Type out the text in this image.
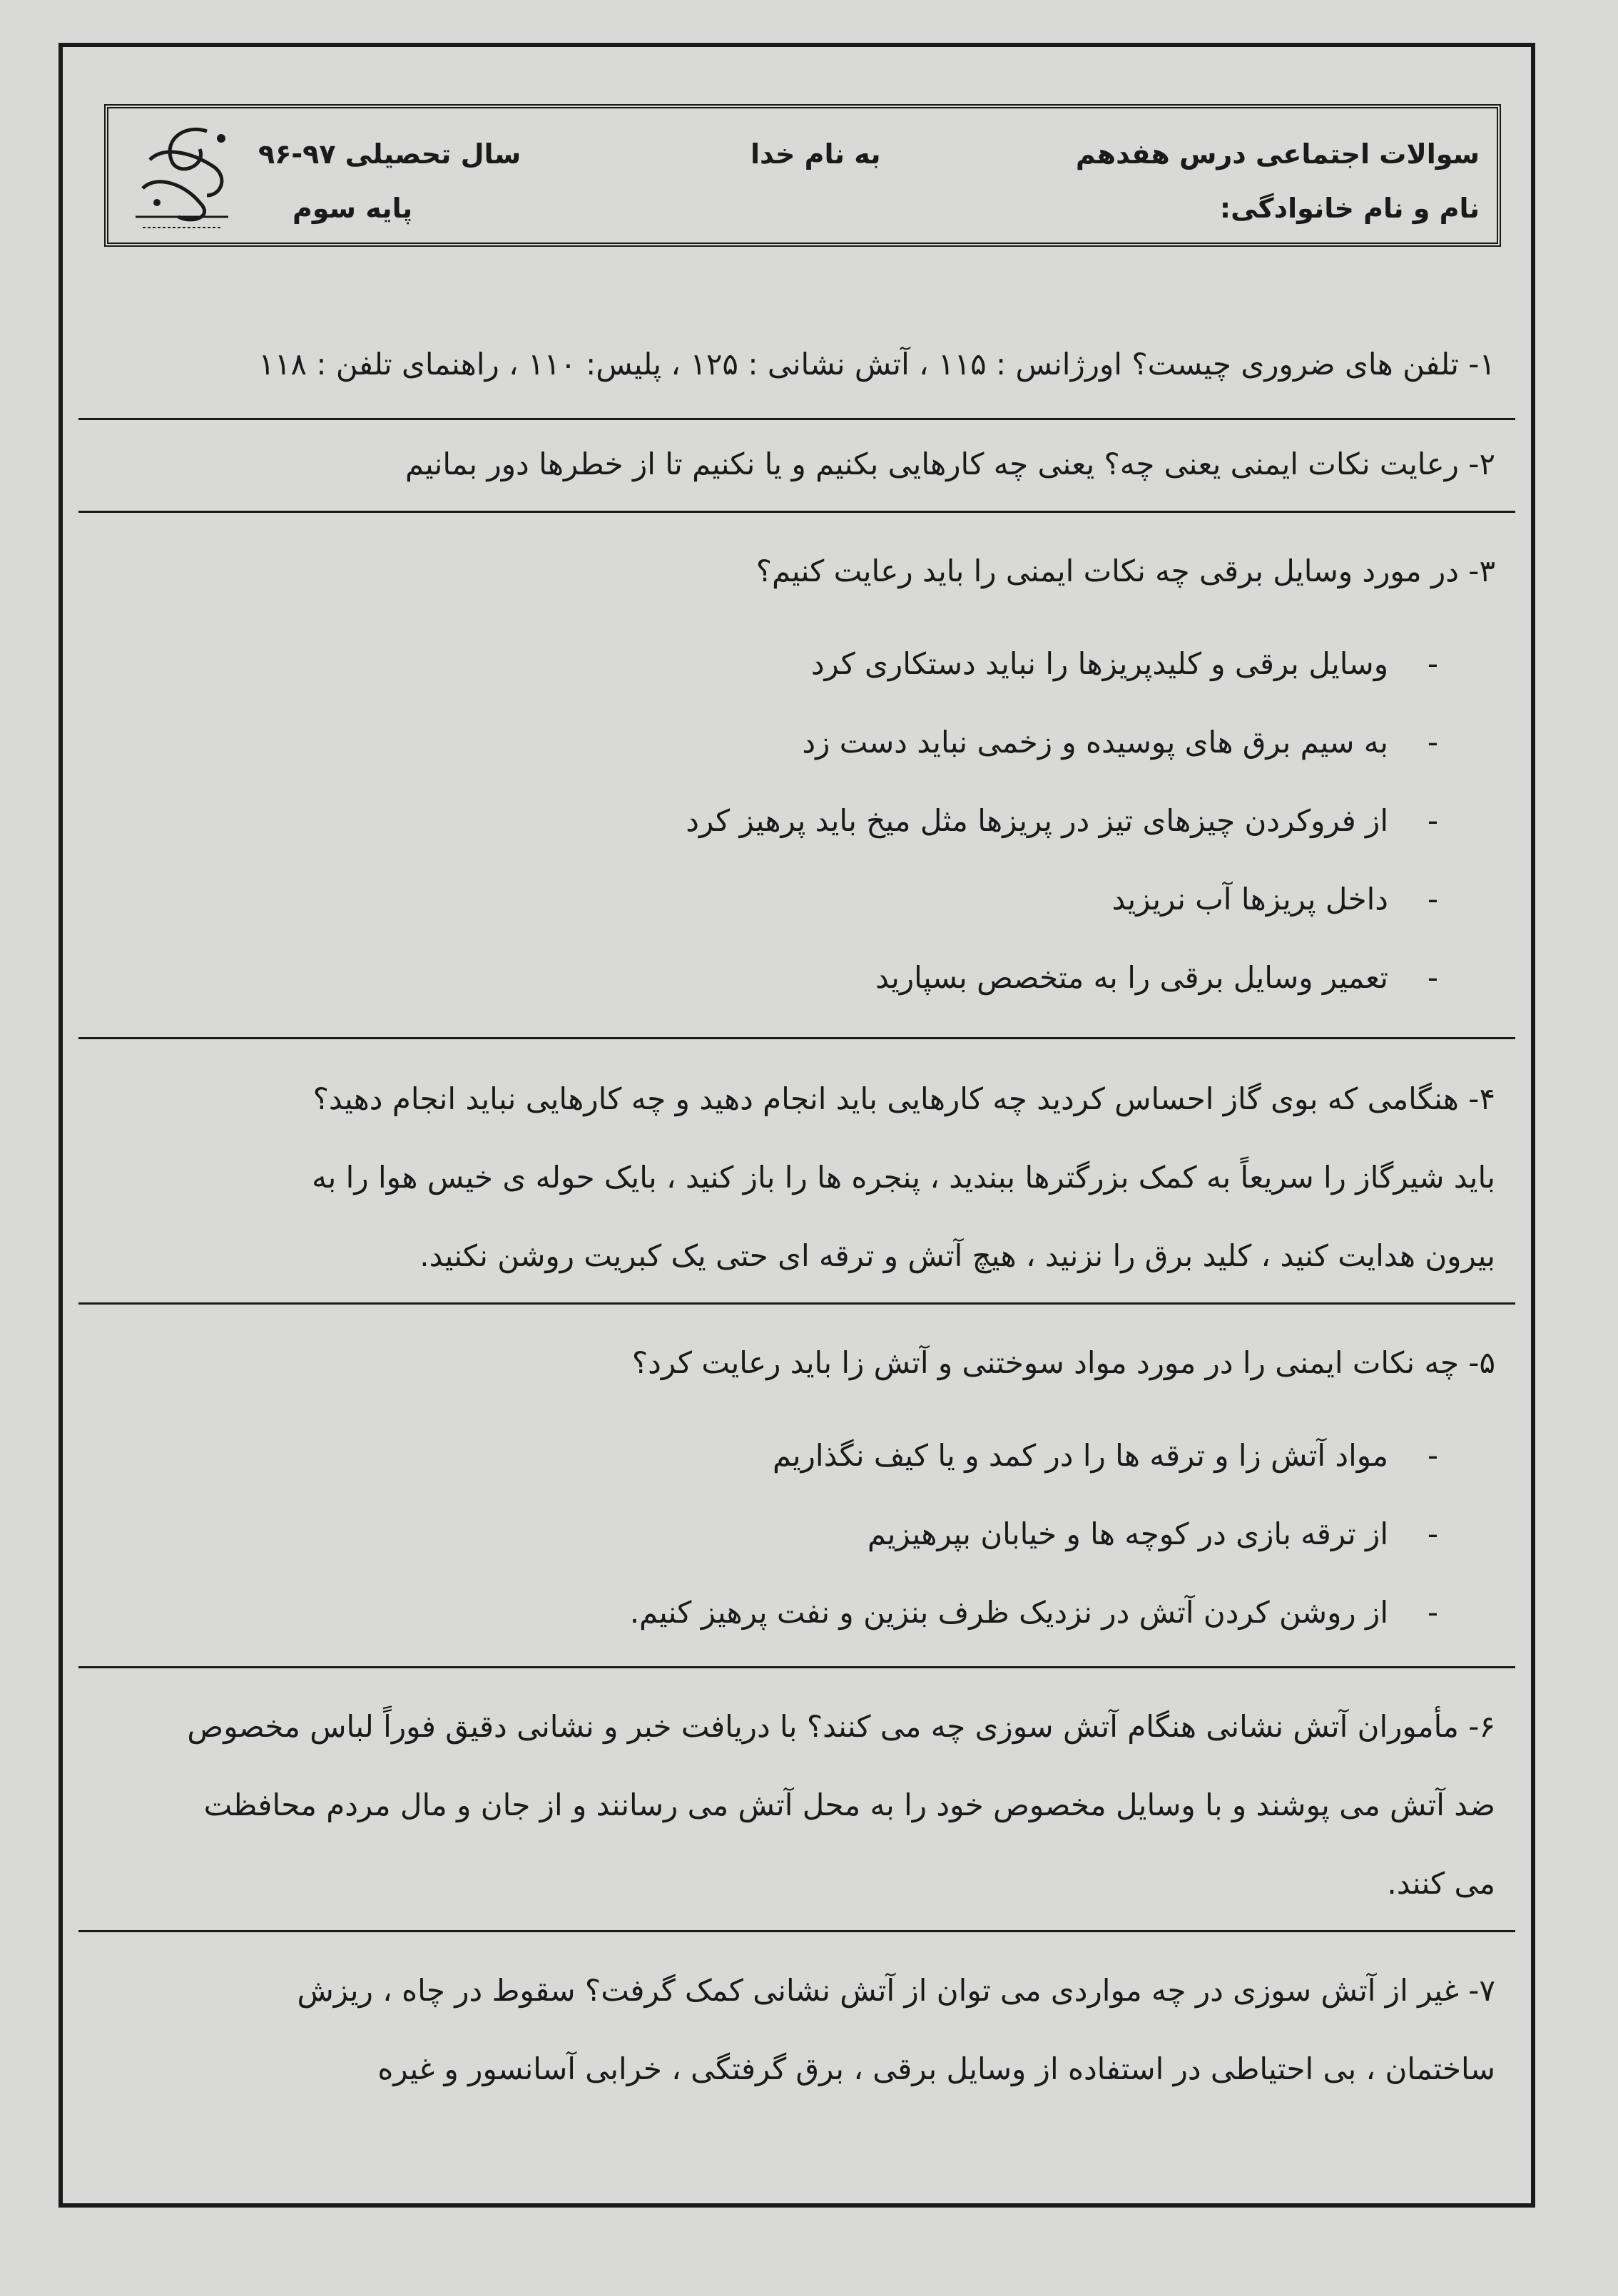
سوالات اجتماعی درس هفدهم
نام و نام خانوادگی:
به نام خدا
سال تحصیلی ۹۷-۹۶
پایه سوم

۱- تلفن های ضروری چیست؟ اورژانس : ۱۱۵ ، آتش نشانی : ۱۲۵ ، پلیس: ۱۱۰ ، راهنمای تلفن : ۱۱۸

۲- رعایت نکات ایمنی یعنی چه؟ یعنی چه کارهایی بکنیم و یا نکنیم تا از خطرها دور بمانیم

۳- در مورد وسایل برقی چه نکات ایمنی را باید رعایت کنیم؟

-وسایل برقی و کلیدپریزها را نباید دستکاری کرد
-به سیم برق های پوسیده و زخمی نباید دست زد
-از فروکردن چیزهای تیز در پریزها مثل میخ باید پرهیز کرد
-داخل پریزها آب نریزید
-تعمیر وسایل برقی را به متخصص بسپارید

۴- هنگامی که بوی گاز احساس کردید چه کارهایی باید انجام دهید و چه کارهایی نباید انجام دهید؟

باید شیرگاز را سریعاً به کمک بزرگترها ببندید ، پنجره ها را باز کنید ، بایک حوله ی خیس هوا را به

بیرون هدایت کنید ، کلید برق را نزنید ، هیچ آتش و ترقه ای حتی یک کبریت روشن نکنید.

۵- چه نکات ایمنی را در مورد مواد سوختنی و آتش زا باید رعایت کرد؟

-مواد آتش زا و ترقه ها را در کمد و یا کیف نگذاریم
-از ترقه بازی در کوچه ها و خیابان بپرهیزیم
-از روشن کردن آتش در نزدیک ظرف بنزین و نفت پرهیز کنیم.

۶- مأموران آتش نشانی هنگام آتش سوزی چه می کنند؟ با دریافت خبر و نشانی دقیق فوراً لباس مخصوص

ضد آتش می پوشند و با وسایل مخصوص خود را به محل آتش می رسانند و از جان و مال مردم محافظت

می کنند.

۷- غیر از آتش سوزی در چه مواردی می توان از آتش نشانی کمک گرفت؟ سقوط در چاه ، ریزش

ساختمان ، بی احتیاطی در استفاده از وسایل برقی ، برق گرفتگی ، خرابی آسانسور و غیره
